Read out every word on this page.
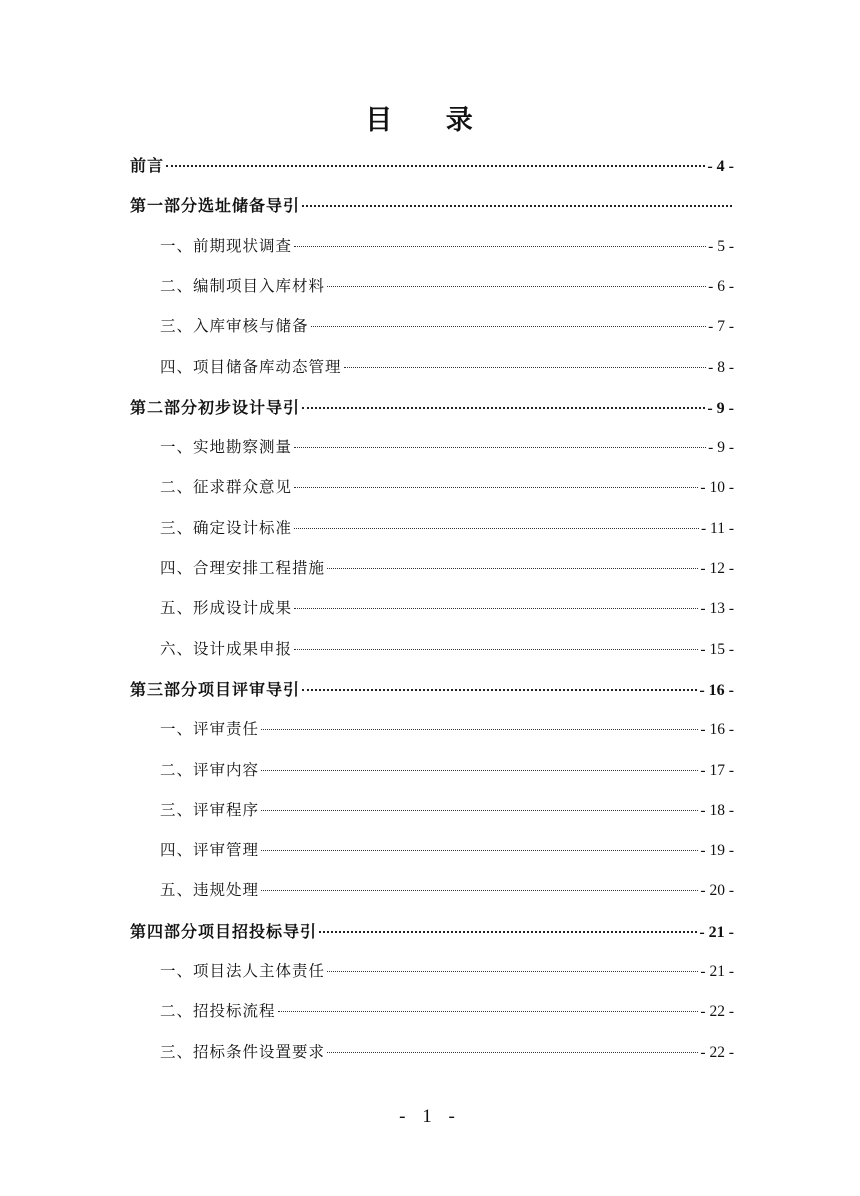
目 录
前言	- 4 -
第一部分选址储备导引
一、前期现状调查	- 5 -
二、编制项目入库材料	- 6 -
三、入库审核与储备	- 7 -
四、项目储备库动态管理	- 8 -
第二部分初步设计导引	- 9 -
一、实地勘察测量	- 9 -
二、征求群众意见	- 10 -
三、确定设计标准	- 11 -
四、合理安排工程措施	- 12 -
五、形成设计成果	- 13 -
六、设计成果申报	- 15 -
第三部分项目评审导引	- 16 -
一、评审责任	- 16 -
二、评审内容	- 17 -
三、评审程序	- 18 -
四、评审管理	- 19 -
五、违规处理	- 20 -
第四部分项目招投标导引	- 21 -
一、项目法人主体责任	- 21 -
二、招投标流程	- 22 -
三、招标条件设置要求	- 22 -
- 1 -
